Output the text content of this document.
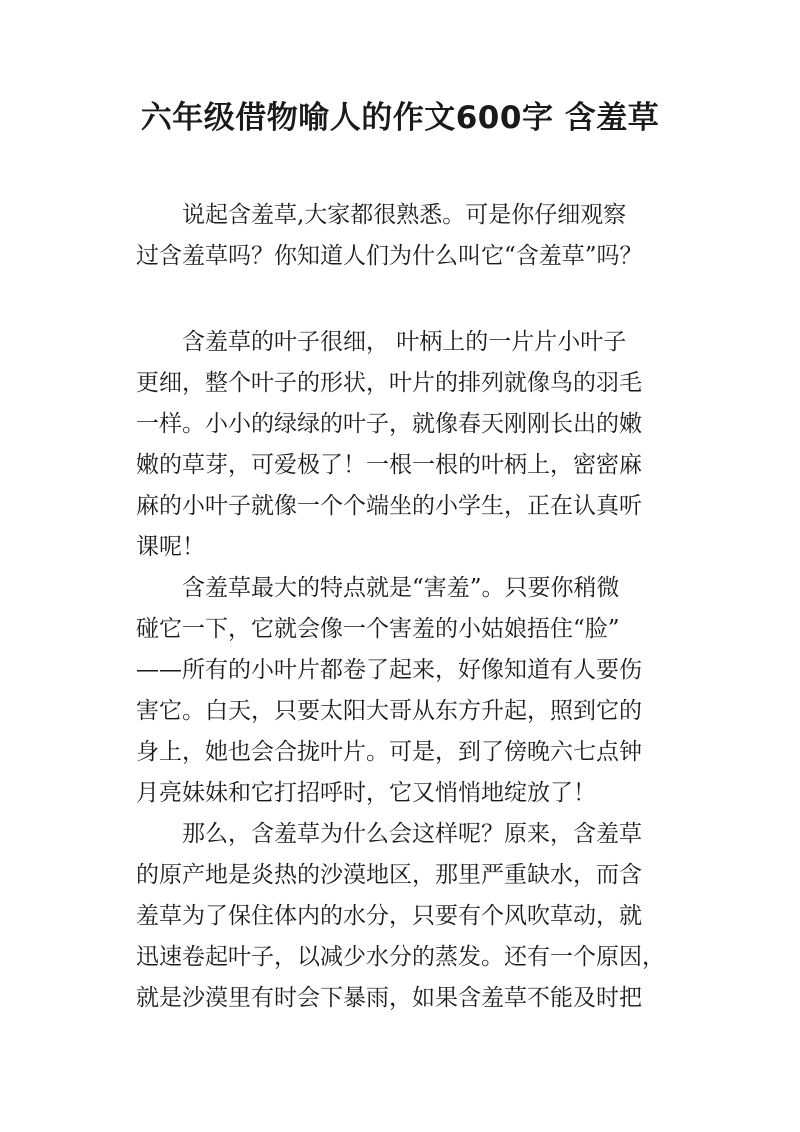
六年级借物喻人的作文600字 含羞草

说起含羞草,大家都很熟悉。可是你仔细观察

过含羞草吗？你知道人们为什么叫它“含羞草”吗？

含羞草的叶子很细， 叶柄上的一片片小叶子

更细，整个叶子的形状，叶片的排列就像鸟的羽毛

一样。小小的绿绿的叶子，就像春天刚刚长出的嫩

嫩的草芽，可爱极了！一根一根的叶柄上，密密麻

麻的小叶子就像一个个端坐的小学生，正在认真听

课呢！

含羞草最大的特点就是“害羞”。只要你稍微

碰它一下，它就会像一个害羞的小姑娘捂住“脸”

——所有的小叶片都卷了起来，好像知道有人要伤

害它。白天，只要太阳大哥从东方升起，照到它的

身上，她也会合拢叶片。可是，到了傍晚六七点钟

月亮妹妹和它打招呼时，它又悄悄地绽放了！

那么，含羞草为什么会这样呢？原来，含羞草

的原产地是炎热的沙漠地区，那里严重缺水，而含

羞草为了保住体内的水分，只要有个风吹草动，就

迅速卷起叶子，以减少水分的蒸发。还有一个原因，

就是沙漠里有时会下暴雨，如果含羞草不能及时把
